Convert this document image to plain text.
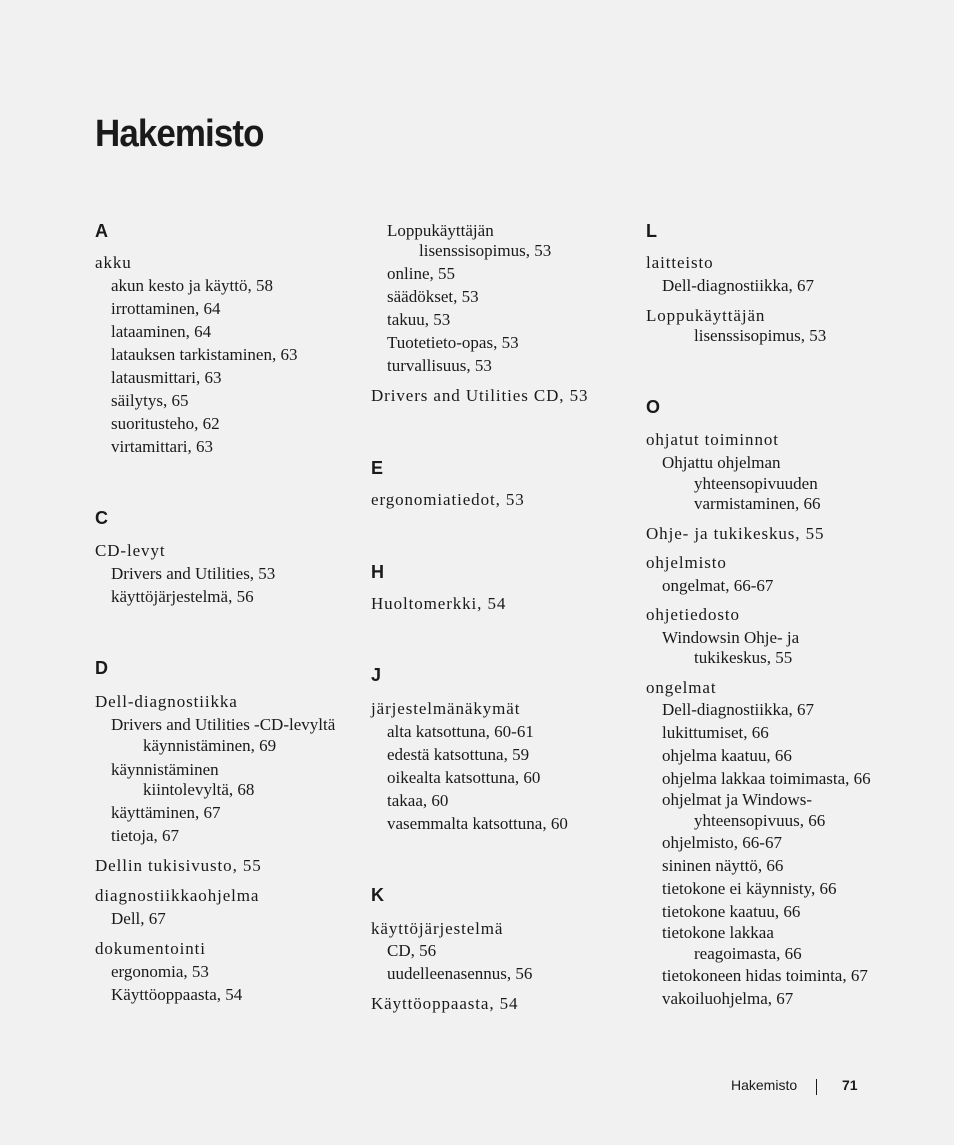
Hakemisto
A
akku
akun kesto ja käyttö, 58
irrottaminen, 64
lataaminen, 64
latauksen tarkistaminen, 63
latausmittari, 63
säilytys, 65
suoritusteho, 62
virtamittari, 63
C
CD-levyt
Drivers and Utilities, 53
käyttöjärjestelmä, 56
D
Dell-diagnostiikka
Drivers and Utilities -CD-levyltä
käynnistäminen, 69
käynnistäminen
kiintolevyltä, 68
käyttäminen, 67
tietoja, 67
Dellin tukisivusto, 55
diagnostiikkaohjelma
Dell, 67
dokumentointi
ergonomia, 53
Käyttöoppaasta, 54
Loppukäyttäjän
lisenssisopimus, 53
online, 55
säädökset, 53
takuu, 53
Tuotetieto-opas, 53
turvallisuus, 53
Drivers and Utilities CD, 53
E
ergonomiatiedot, 53
H
Huoltomerkki, 54
J
järjestelmänäkymät
alta katsottuna, 60-61
edestä katsottuna, 59
oikealta katsottuna, 60
takaa, 60
vasemmalta katsottuna, 60
K
käyttöjärjestelmä
CD, 56
uudelleenasennus, 56
Käyttöoppaasta, 54
L
laitteisto
Dell-diagnostiikka, 67
Loppukäyttäjän
lisenssisopimus, 53
O
ohjatut toiminnot
Ohjattu ohjelman
yhteensopivuuden
varmistaminen, 66
Ohje- ja tukikeskus, 55
ohjelmisto
ongelmat, 66-67
ohjetiedosto
Windowsin Ohje- ja
tukikeskus, 55
ongelmat
Dell-diagnostiikka, 67
lukittumiset, 66
ohjelma kaatuu, 66
ohjelma lakkaa toimimasta, 66
ohjelmat ja Windows-
yhteensopivuus, 66
ohjelmisto, 66-67
sininen näyttö, 66
tietokone ei käynnisty, 66
tietokone kaatuu, 66
tietokone lakkaa
reagoimasta, 66
tietokoneen hidas toiminta, 67
vakoiluohjelma, 67
Hakemisto	71
